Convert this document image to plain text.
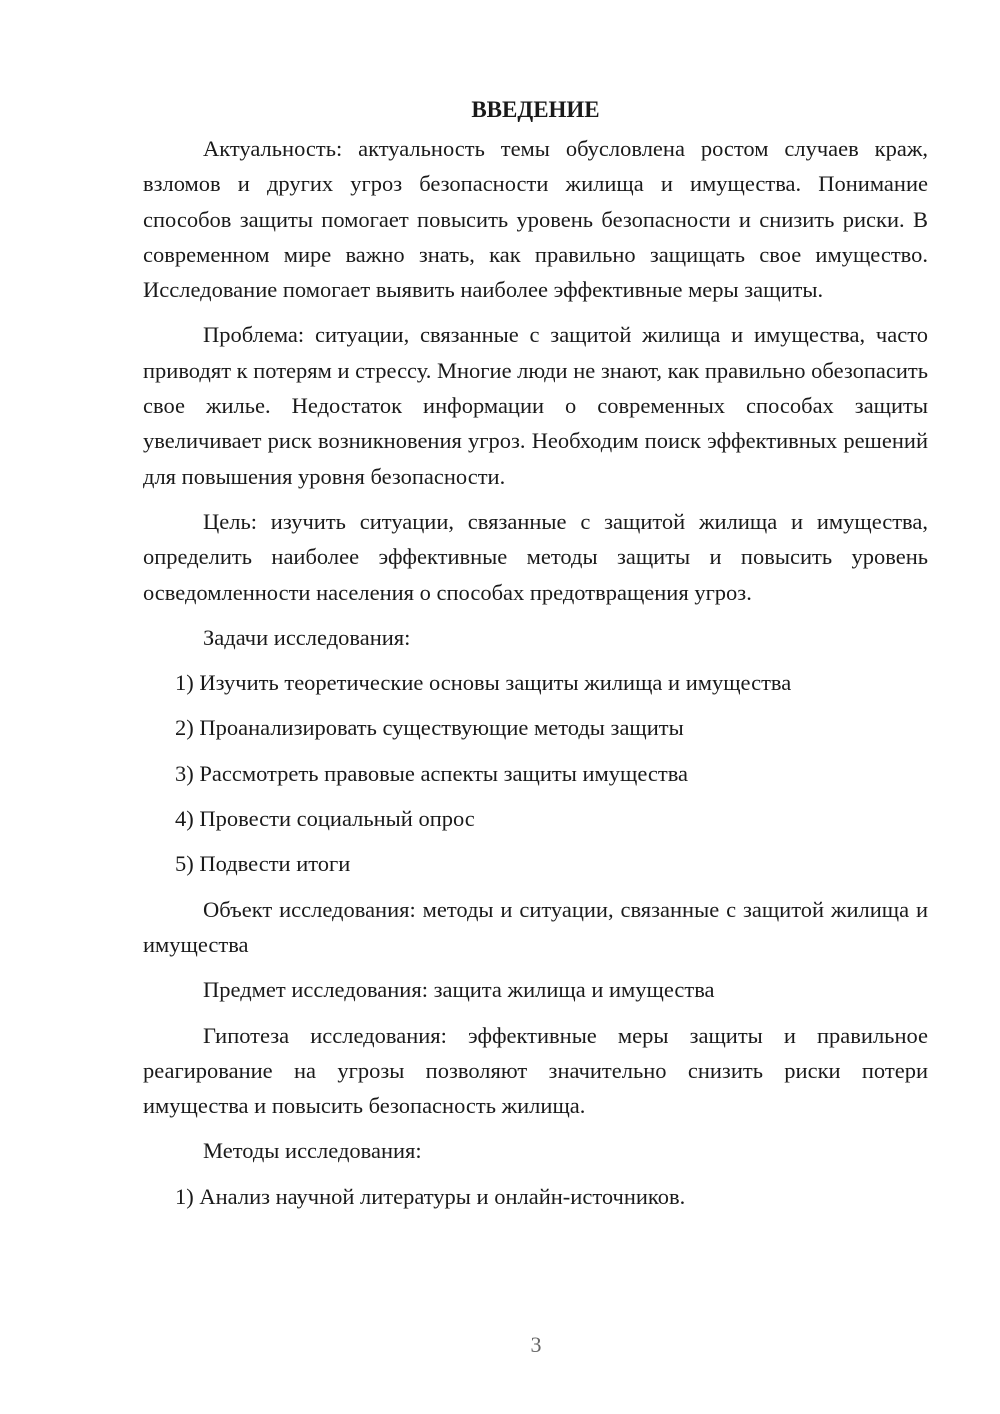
ВВЕДЕНИЕ

Актуальность: актуальность темы обусловлена ростом случаев краж, взломов и других угроз безопасности жилища и имущества. Понимание способов защиты помогает повысить уровень безопасности и снизить риски. В современном мире важно знать, как правильно защищать свое имущество. Исследование помогает выявить наиболее эффективные меры защиты.

Проблема: ситуации, связанные с защитой жилища и имущества, часто приводят к потерям и стрессу. Многие люди не знают, как правильно обезопасить свое жилье. Недостаток информации о современных способах защиты увеличивает риск возникновения угроз. Необходим поиск эффективных решений для повышения уровня безопасности.

Цель: изучить ситуации, связанные с защитой жилища и имущества, определить наиболее эффективные методы защиты и повысить уровень осведомленности населения о способах предотвращения угроз.

Задачи исследования:

1) Изучить теоретические основы защиты жилища и имущества

2) Проанализировать существующие методы защиты

3) Рассмотреть правовые аспекты защиты имущества

4) Провести социальный опрос

5) Подвести итоги

Объект исследования: методы и ситуации, связанные с защитой жилища и имущества

Предмет исследования: защита жилища и имущества

Гипотеза исследования: эффективные меры защиты и правильное реагирование на угрозы позволяют значительно снизить риски потери имущества и повысить безопасность жилища.

Методы исследования:

1) Анализ научной литературы и онлайн-источников.

3
